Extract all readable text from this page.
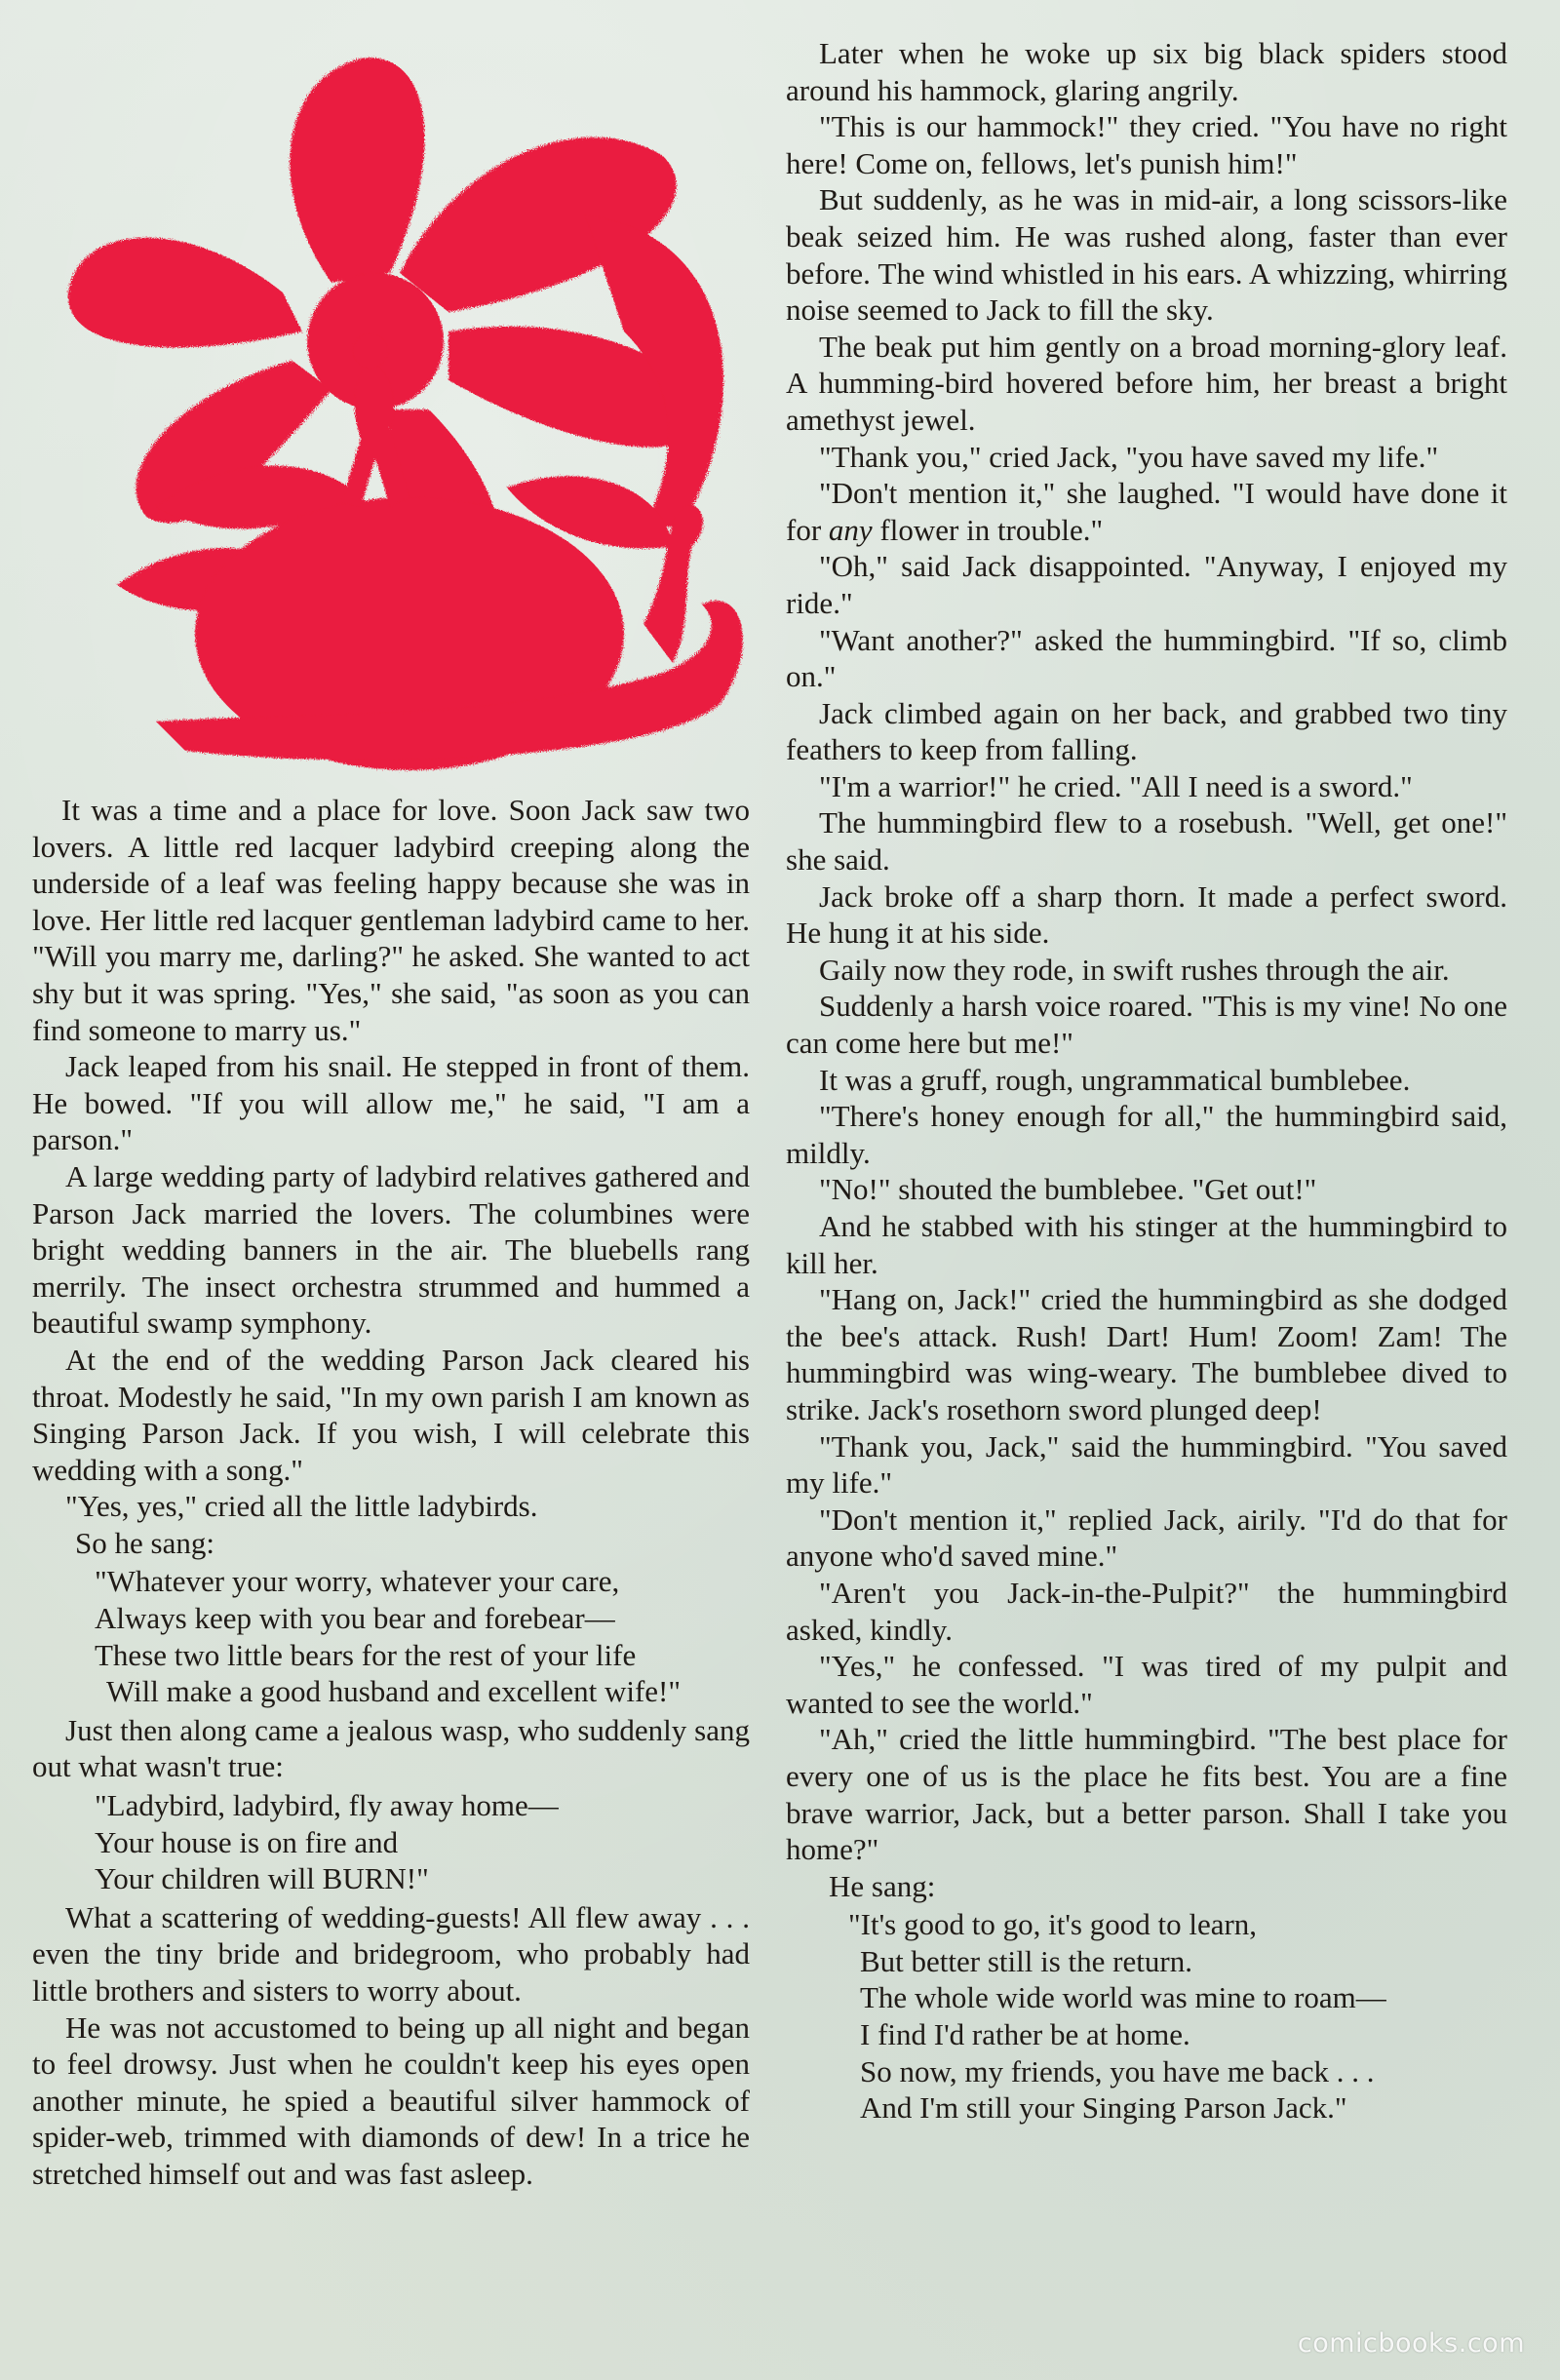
It was a time and a place for love. Soon Jack saw two lovers. A little red lacquer ladybird creeping along the underside of a leaf was feeling happy because she was in love. Her little red lacquer gentleman ladybird came to her. "Will you marry me, darling?" he asked. She wanted to act shy but it was spring. "Yes," she said, "as soon as you can find someone to marry us."

Jack leaped from his snail. He stepped in front of them. He bowed. "If you will allow me," he said, "I am a parson."

A large wedding party of ladybird relatives gathered and Parson Jack married the lovers. The columbines were bright wedding banners in the air. The bluebells rang merrily. The insect orchestra strummed and hummed a beautiful swamp symphony.

At the end of the wedding Parson Jack cleared his throat. Modestly he said, "In my own parish I am known as Singing Parson Jack. If you wish, I will celebrate this wedding with a song."

"Yes, yes," cried all the little ladybirds.

So he sang:

"Whatever your worry, whatever your care,
Always keep with you bear and forebear—
These two little bears for the rest of your life
Will make a good husband and excellent wife!"

Just then along came a jealous wasp, who suddenly sang out what wasn't true:

"Ladybird, ladybird, fly away home—
Your house is on fire and
Your children will BURN!"

What a scattering of wedding-guests! All flew away . . . even the tiny bride and bridegroom, who probably had little brothers and sisters to worry about.

He was not accustomed to being up all night and began to feel drowsy. Just when he couldn't keep his eyes open another minute, he spied a beautiful silver hammock of spider-web, trimmed with diamonds of dew! In a trice he stretched himself out and was fast asleep.

Later when he woke up six big black spiders stood around his hammock, glaring angrily.

"This is our hammock!" they cried. "You have no right here! Come on, fellows, let's punish him!"

But suddenly, as he was in mid-air, a long scissors-like beak seized him. He was rushed along, faster than ever before. The wind whistled in his ears. A whizzing, whirring noise seemed to Jack to fill the sky.

The beak put him gently on a broad morning-glory leaf. A humming-bird hovered before him, her breast a bright amethyst jewel.

"Thank you," cried Jack, "you have saved my life."

"Don't mention it," she laughed. "I would have done it for any flower in trouble."

"Oh," said Jack disappointed. "Anyway, I enjoyed my ride."

"Want another?" asked the hummingbird. "If so, climb on."

Jack climbed again on her back, and grabbed two tiny feathers to keep from falling.

"I'm a warrior!" he cried. "All I need is a sword."

The hummingbird flew to a rosebush. "Well, get one!" she said.

Jack broke off a sharp thorn. It made a perfect sword. He hung it at his side.

Gaily now they rode, in swift rushes through the air.

Suddenly a harsh voice roared. "This is my vine! No one can come here but me!"

It was a gruff, rough, ungrammatical bumblebee.

"There's honey enough for all," the hummingbird said, mildly.

"No!" shouted the bumblebee. "Get out!"

And he stabbed with his stinger at the hummingbird to kill her.

"Hang on, Jack!" cried the hummingbird as she dodged the bee's attack. Rush! Dart! Hum! Zoom! Zam! The hummingbird was wing-weary. The bumblebee dived to strike. Jack's rosethorn sword plunged deep!

"Thank you, Jack," said the hummingbird. "You saved my life."

"Don't mention it," replied Jack, airily. "I'd do that for anyone who'd saved mine."

"Aren't you Jack-in-the-Pulpit?" the hummingbird asked, kindly.

"Yes," he confessed. "I was tired of my pulpit and wanted to see the world."

"Ah," cried the little hummingbird. "The best place for every one of us is the place he fits best. You are a fine brave warrior, Jack, but a better parson. Shall I take you home?"

He sang:

"It's good to go, it's good to learn,
But better still is the return.
The whole wide world was mine to roam—
I find I'd rather be at home.
So now, my friends, you have me back . . .
And I'm still your Singing Parson Jack."
comicbooks.com
